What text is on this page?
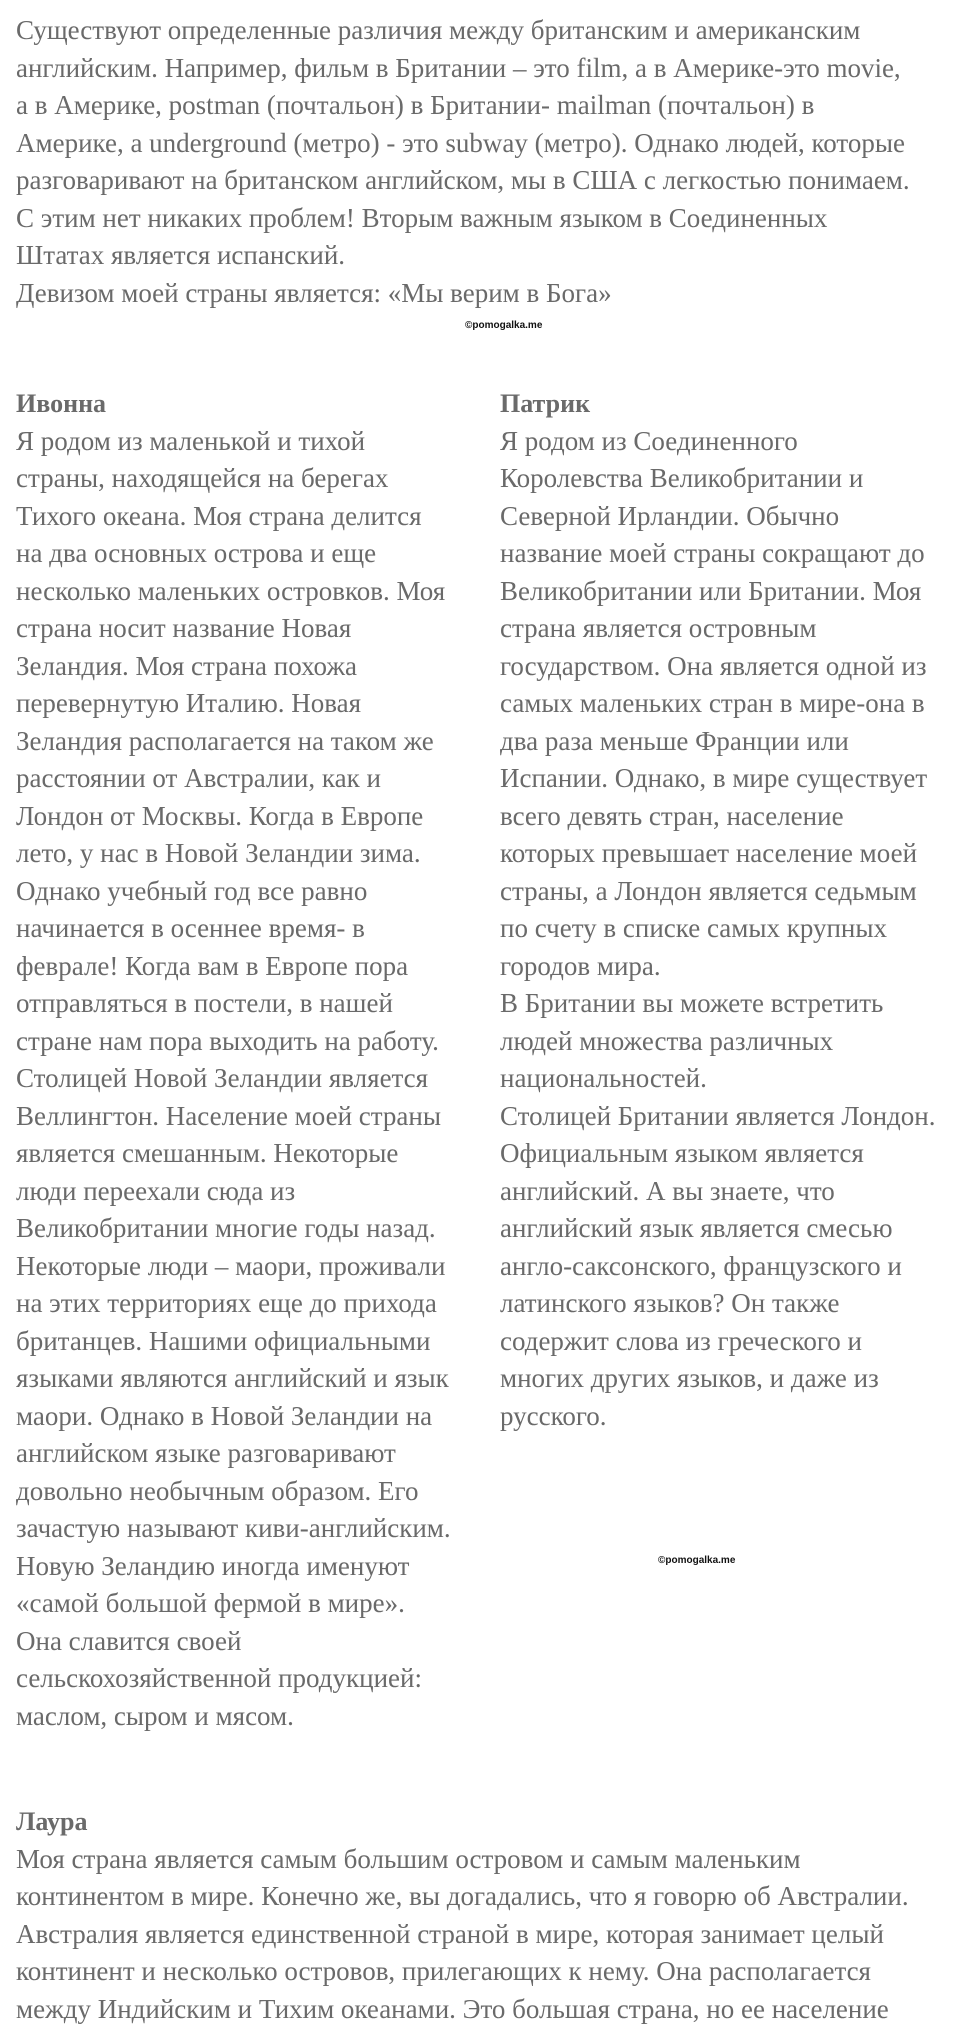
Существуют определенные различия между британским и американским
английским. Например, фильм в Британии – это film, а в Америке-это movie,
а в Америке, postman (почтальон) в Британии- mailman (почтальон) в
Америке, а underground (метро) - это subway (метро). Однако людей, которые
разговаривают на британском английском, мы в США с легкостью понимаем.
С этим нет никаких проблем! Вторым важным языком в Соединенных
Штатах является испанский.
Девизом моей страны является: «Мы верим в Бога»
©pomogalka.me
Ивонна
Я родом из маленькой и тихой
страны, находящейся на берегах
Тихого океана. Моя страна делится
на два основных острова и еще
несколько маленьких островков. Моя
страна носит название Новая
Зеландия. Моя страна похожа
перевернутую Италию. Новая
Зеландия располагается на таком же
расстоянии от Австралии, как и
Лондон от Москвы. Когда в Европе
лето, у нас в Новой Зеландии зима.
Однако учебный год все равно
начинается в осеннее время- в
феврале! Когда вам в Европе пора
отправляться в постели, в нашей
стране нам пора выходить на работу.
Столицей Новой Зеландии является
Веллингтон. Население моей страны
является смешанным. Некоторые
люди переехали сюда из
Великобритании многие годы назад.
Некоторые люди – маори, проживали
на этих территориях еще до прихода
британцев. Нашими официальными
языками являются английский и язык
маори. Однако в Новой Зеландии на
английском языке разговаривают
довольно необычным образом. Его
зачастую называют киви-английским.
Новую Зеландию иногда именуют
«самой большой фермой в мире».
Она славится своей
сельскохозяйственной продукцией:
маслом, сыром и мясом.
Патрик
Я родом из Соединенного
Королевства Великобритании и
Северной Ирландии. Обычно
название моей страны сокращают до
Великобритании или Британии. Моя
страна является островным
государством. Она является одной из
самых маленьких стран в мире-она в
два раза меньше Франции или
Испании. Однако, в мире существует
всего девять стран, население
которых превышает население моей
страны, а Лондон является седьмым
по счету в списке самых крупных
городов мира.
В Британии вы можете встретить
людей множества различных
национальностей.
Столицей Британии является Лондон.
Официальным языком является
английский. А вы знаете, что
английский язык является смесью
англо-саксонского, французского и
латинского языков? Он также
содержит слова из греческого и
многих других языков, и даже из
русского.
©pomogalka.me
Лаура
Моя страна является самым большим островом и самым маленьким
континентом в мире. Конечно же, вы догадались, что я говорю об Австралии.
Австралия является единственной страной в мире, которая занимает целый
континент и несколько островов, прилегающих к нему. Она располагается
между Индийским и Тихим океанами. Это большая страна, но ее население
